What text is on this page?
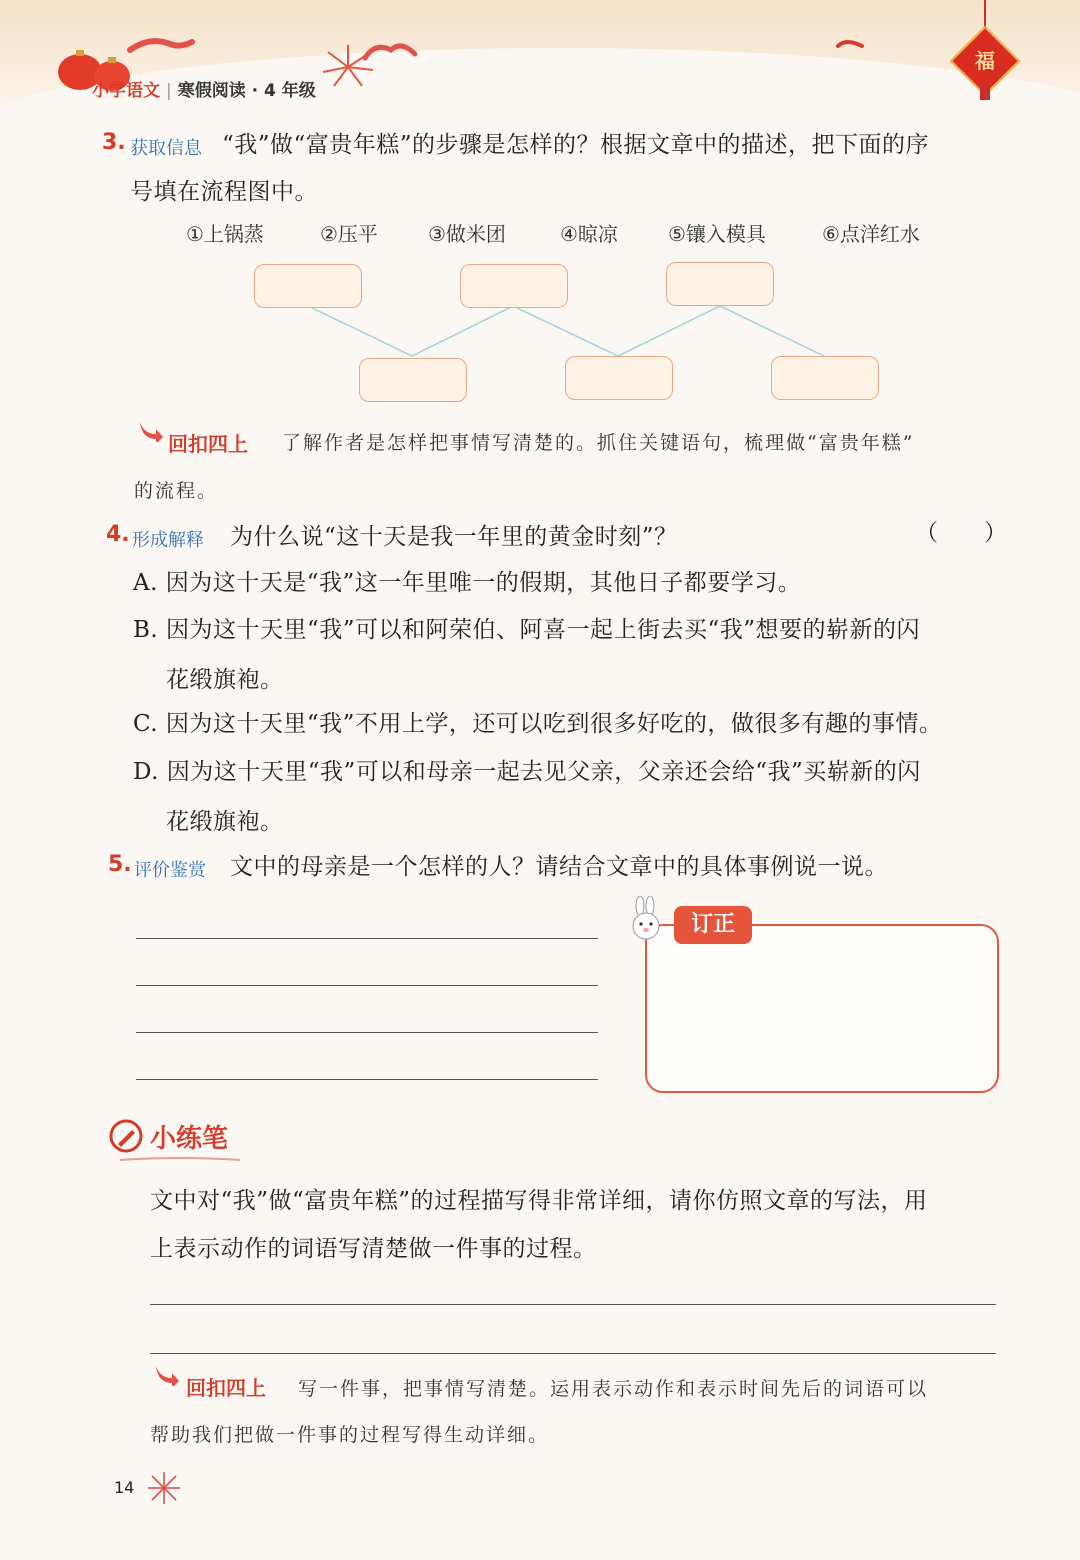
福
小学语文 | 寒假阅读 · 4 年级
3. 获取信息 “我”做“富贵年糕”的步骤是怎样的？根据文章中的描述，把下面的序
号填在流程图中。
①上锅蒸	②压平	③做米团	④晾凉	⑤镶入模具	⑥点洋红水
回扣四上 了解作者是怎样把事情写清楚的。抓住关键语句，梳理做“富贵年糕”
的流程。
4. 形成解释 为什么说“这十天是我一年里的黄金时刻”？	（　　）
A. 因为这十天是“我”这一年里唯一的假期，其他日子都要学习。
B. 因为这十天里“我”可以和阿荣伯、阿喜一起上街去买“我”想要的崭新的闪
花缎旗袍。
C. 因为这十天里“我”不用上学，还可以吃到很多好吃的，做很多有趣的事情。
D. 因为这十天里“我”可以和母亲一起去见父亲，父亲还会给“我”买崭新的闪
花缎旗袍。
5. 评价鉴赏 文中的母亲是一个怎样的人？请结合文章中的具体事例说一说。
订正
小练笔
文中对“我”做“富贵年糕”的过程描写得非常详细，请你仿照文章的写法，用
上表示动作的词语写清楚做一件事的过程。
回扣四上 写一件事，把事情写清楚。运用表示动作和表示时间先后的词语可以
帮助我们把做一件事的过程写得生动详细。
14
